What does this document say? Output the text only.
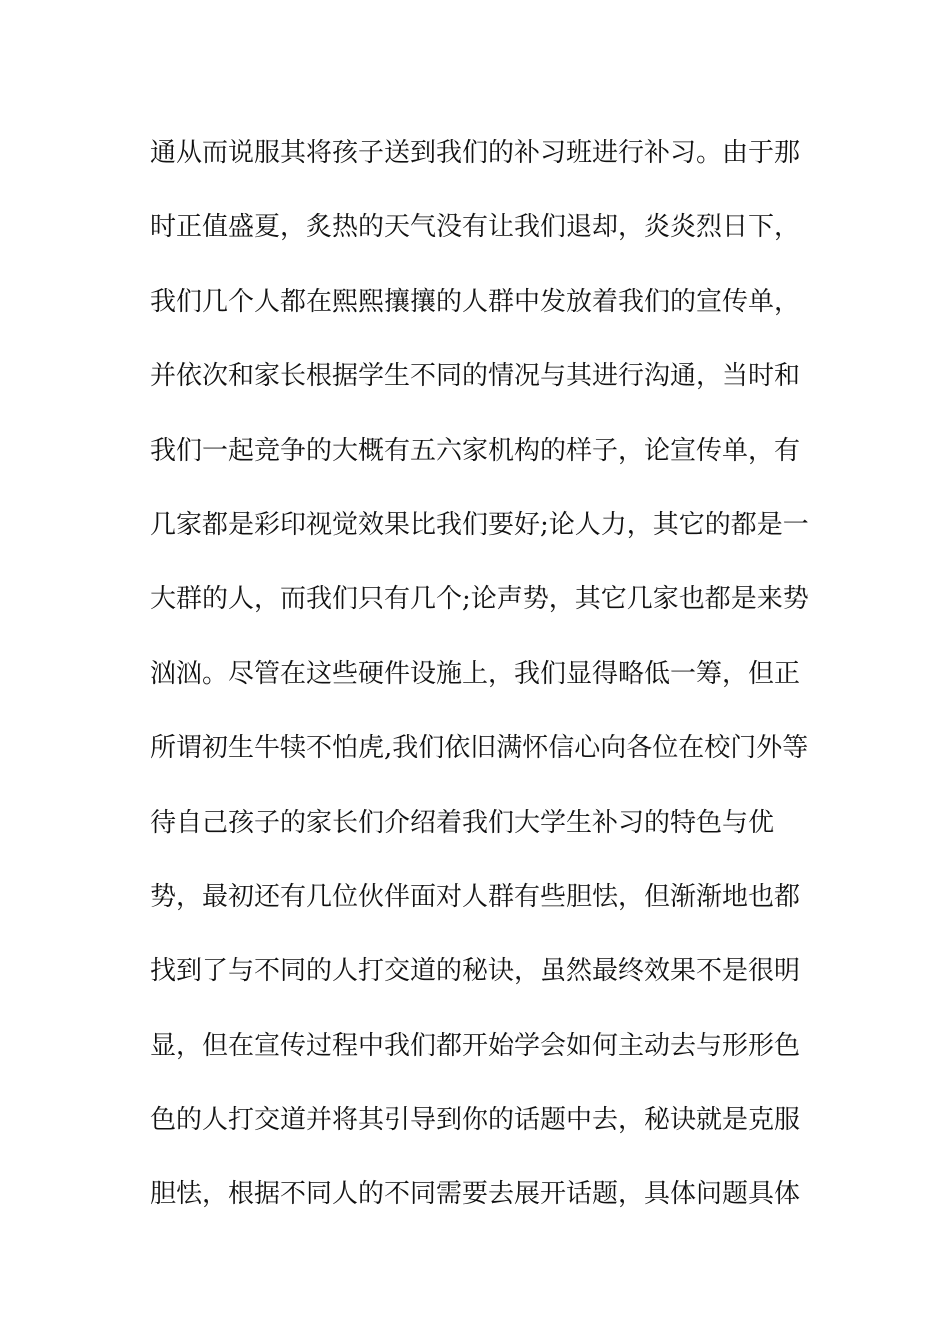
通从而说服其将孩子送到我们的补习班进行补习。由于那
时正值盛夏，炙热的天气没有让我们退却，炎炎烈日下，
我们几个人都在熙熙攘攘的人群中发放着我们的宣传单，
并依次和家长根据学生不同的情况与其进行沟通，当时和
我们一起竞争的大概有五六家机构的样子，论宣传单，有
几家都是彩印视觉效果比我们要好;论人力，其它的都是一
大群的人，而我们只有几个;论声势，其它几家也都是来势
汹汹。尽管在这些硬件设施上，我们显得略低一筹，但正
所谓初生牛犊不怕虎,我们依旧满怀信心向各位在校门外等
待自己孩子的家长们介绍着我们大学生补习的特色与优
势，最初还有几位伙伴面对人群有些胆怯，但渐渐地也都
找到了与不同的人打交道的秘诀，虽然最终效果不是很明
显，但在宣传过程中我们都开始学会如何主动去与形形色
色的人打交道并将其引导到你的话题中去，秘诀就是克服
胆怯，根据不同人的不同需要去展开话题，具体问题具体
